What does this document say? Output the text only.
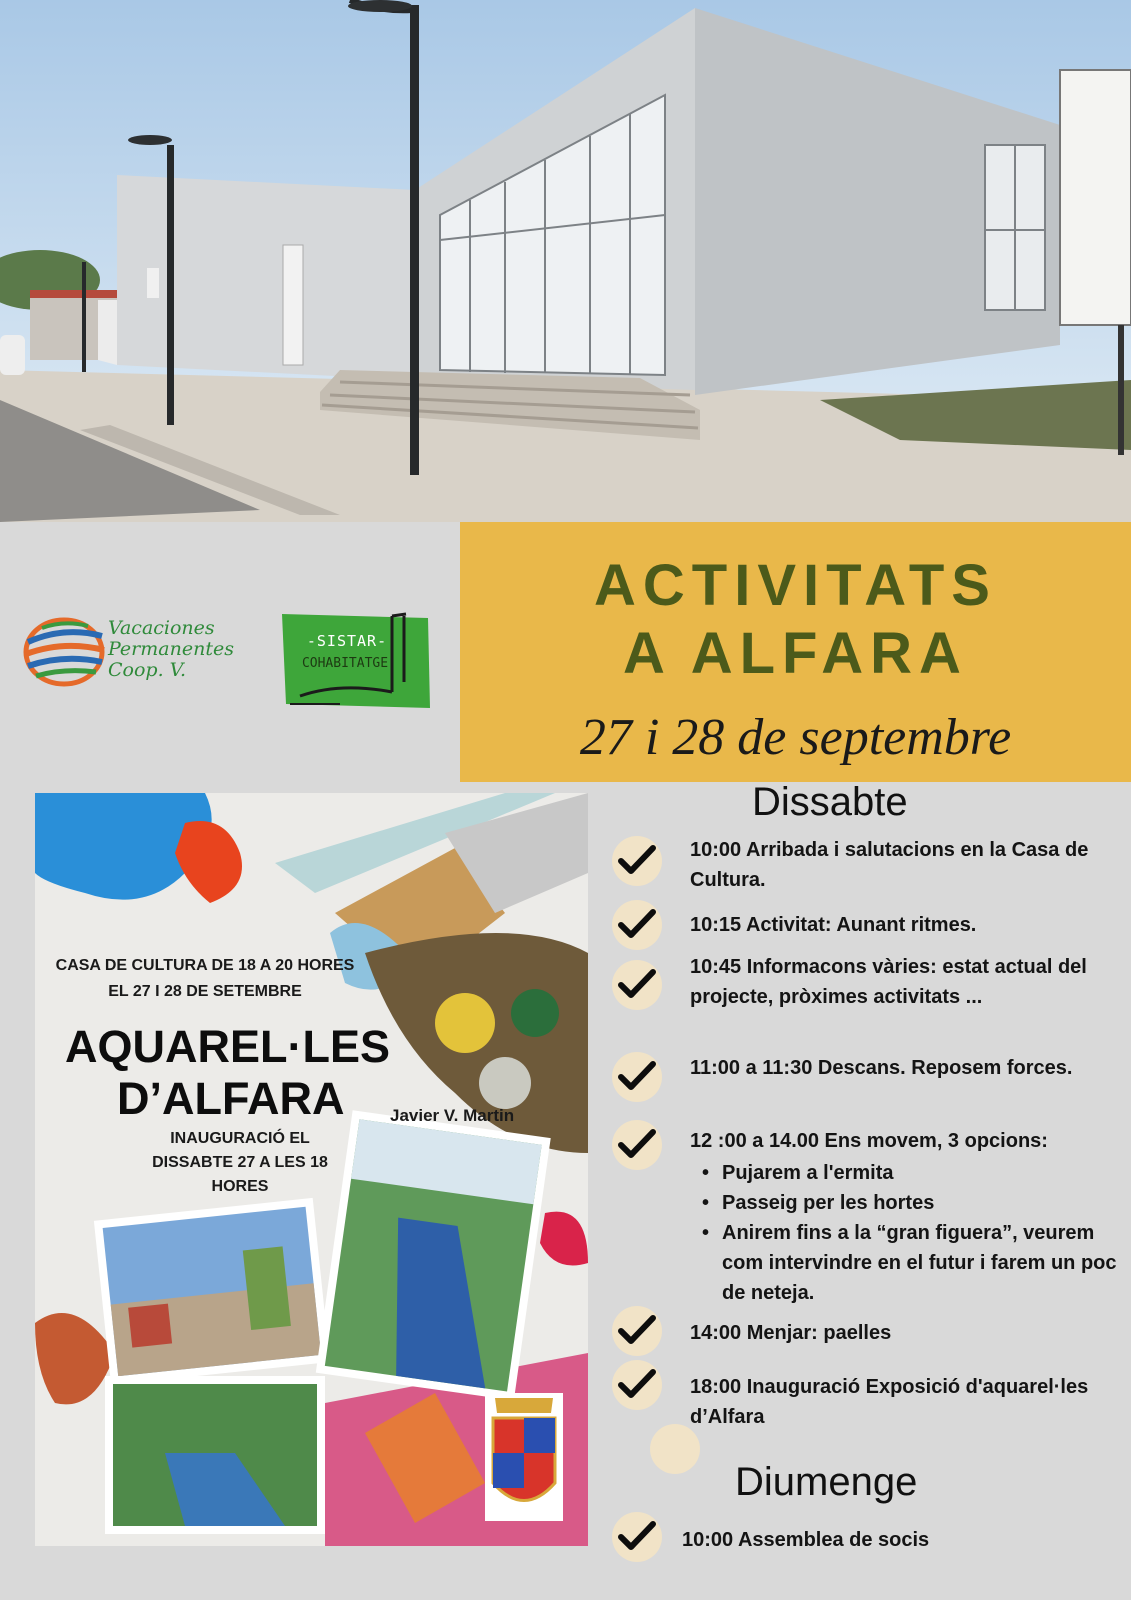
Vacaciones
Permanentes
Coop. V.
-SISTAR-
COHABITATGE
ACTIVITATS
A ALFARA
27 i 28 de septembre
CASA DE CULTURA DE 18 A 20 HORES
EL 27 I 28 DE SETEMBRE
AQUAREL·LES
D’ALFARA	Javier V. Martin
INAUGURACIÓ EL DISSABTE 27 A LES 18 HORES
Dissabte
10:00 Arribada i salutacions en la Casa de Cultura.
10:15 Activitat: Aunant ritmes.
10:45 Informacons vàries: estat actual del projecte, pròximes activitats ...
11:00 a 11:30 Descans. Reposem forces.
12 :00 a 14.00 Ens movem, 3 opcions:
• Pujarem a l'ermita
• Passeig per les hortes
• Anirem fins a la “gran figuera”, veurem com intervindre en el futur i farem un poc de neteja.
14:00 Menjar: paelles
18:00 Inauguració Exposició d'aquarel·les d’Alfara
Diumenge
10:00 Assemblea de socis
